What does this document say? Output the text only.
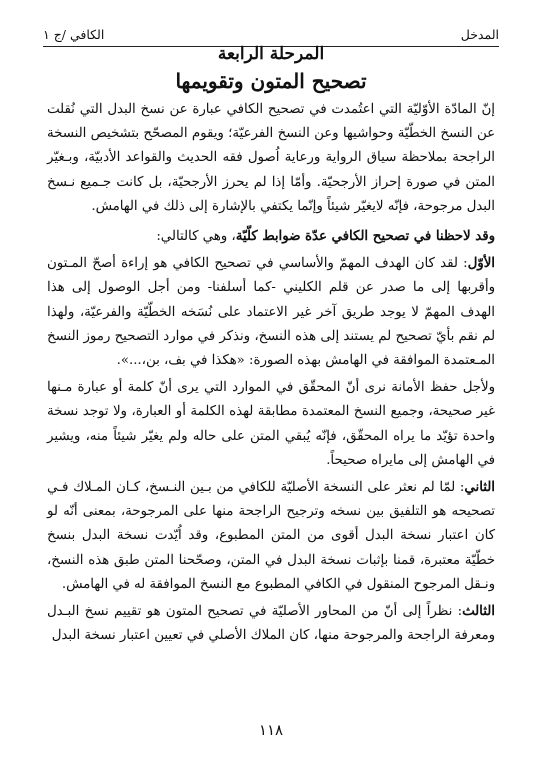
المدخل
الكافي /ج ١
المرحلة الرابعة
تصحيح المتون وتقويمها

إنّ المادّة الأوّليّة التي اعتُمدت في تصحيح الكافي عبارة عن نسخ البدل التي نُقلت عن النسخ الخطّيّة وحواشيها وعن النسخ الفرعيّة؛ ويقوم المصحّح بتشخيص النسخة الراجحة بملاحظة سياق الرواية ورعاية اُصول فقه الحديث والقواعد الأدبيّة، وبـغيّر المتن في صورة إحراز الأرجحيّة. وأمّا إذا لم يحرز الأرجحيّة، بل كانت جـميع نـسخ البدل مرجوحة، فإنّه لايغيّر شيئاً وإنّما يكتفي بالإشارة إلى ذلك في الهامش.

وقد لاحظنا في تصحيح الكافي عدّة ضوابط كلّيّة، وهي كالتالي:

الأوّل: لقد كان الهدف المهمّ والأساسي في تصحيح الكافي هو إراءة أصحّ المـتون وأقربها إلى ما صدر عن قلم الكليني -كما أسلفنا- ومن أجل الوصول إلى هذا الهدف المهمّ لا يوجد طريق آخر غير الاعتماد على نُسَخه الخطّيّة والفرعيّة، ولهذا لم نقم بأيّ تصحيح لم يستند إلى هذه النسخ، ونذكر في موارد التصحيح رموز النسخ المـعتمدة الموافقة في الهامش بهذه الصورة: «هكذا في بف، بن،...».

ولأجل حفظ الأمانة نرى أنّ المحقّق في الموارد التي يرى أنّ كلمة أو عبارة مـنها غير صحيحة، وجميع النسخ المعتمدة مطابقة لهذه الكلمة أو العبارة، ولا توجد نسخة واحدة تؤيّد ما يراه المحقّق، فإنّه يُبقي المتن على حاله ولم يغيّر شيئاً منه، ويشير في الهامش إلى مايراه صحيحاً.

الثاني: لمّا لم نعثر على النسخة الأصليّة للكافي من بـين النـسخ، كـان المـلاك فـي تصحيحه هو التلفيق بين نسخه وترجيح الراجحة منها على المرجوحة، بمعنى أنّه لو كان اعتبار نسخة البدل أقوى من المتن المطبوع، وقد اُيّدت نسخة البدل بنسخ خطّيّة معتبرة، قمنا بإثبات نسخة البدل في المتن، وصحّحنا المتن طبق هذه النسخ، ونـقل المرجوح المنقول في الكافي المطبوع مع النسخ الموافقة له في الهامش.

الثالث: نظراً إلى أنّ من المحاور الأصليّة في تصحيح المتون هو تقييم نسخ البـدل ومعرفة الراجحة والمرجوحة منها، كان الملاك الأصلي في تعيين اعتبار نسخة البدل

١١٨
